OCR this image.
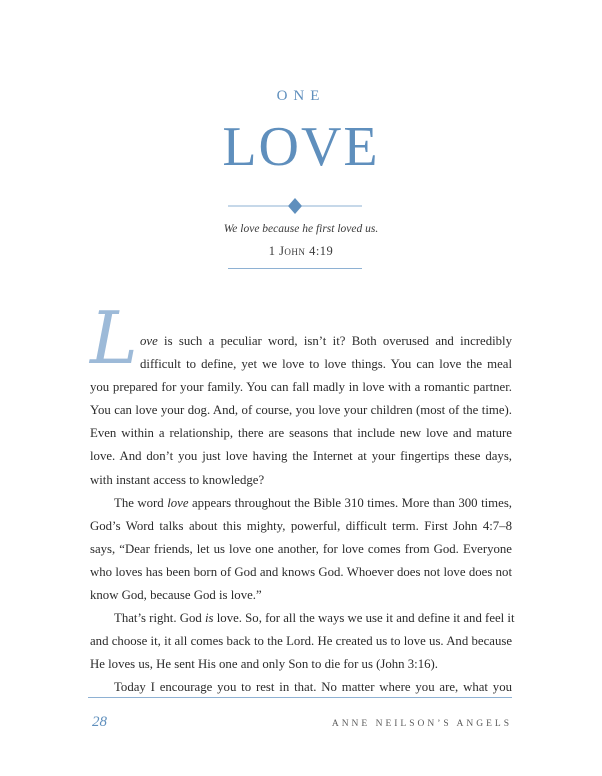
ONE
LOVE
We love because he first loved us.
1 John 4:19
L ove is such a peculiar word, isn’t it? Both overused and incredibly
difficult to define, yet we love to love things. You can love the meal
you prepared for your family. You can fall madly in love with a romantic partner.
You can love your dog. And, of course, you love your children (most of the time).
Even within a relationship, there are seasons that include new love and mature
love. And don’t you just love having the Internet at your fingertips these days,
with instant access to knowledge?
The word love appears throughout the Bible 310 times. More than 300 times,
God’s Word talks about this mighty, powerful, difficult term. First John 4:7–8
says, “Dear friends, let us love one another, for love comes from God. Everyone
who loves has been born of God and knows God. Whoever does not love does not
know God, because God is love.”
That’s right. God is love. So, for all the ways we use it and define it and feel it
and choose it, it all comes back to the Lord. He created us to love us. And because
He loves us, He sent His one and only Son to die for us (John 3:16).
Today I encourage you to rest in that. No matter where you are, what you
28	ANNE NEILSON’S ANGELS
